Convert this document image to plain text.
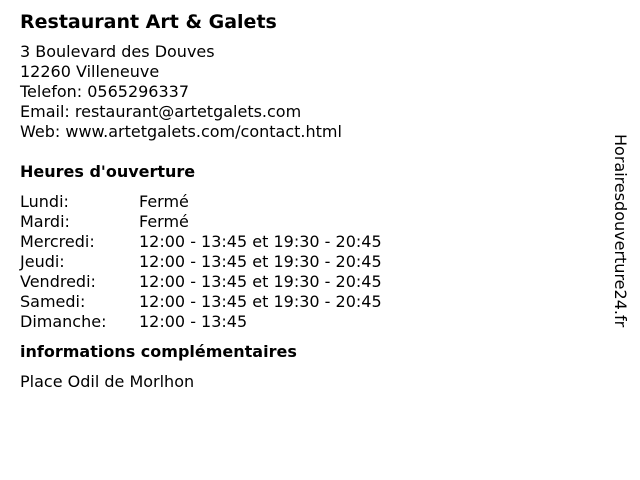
Restaurant Art & Galets
3 Boulevard des Douves
12260 Villeneuve
Telefon: 0565296337
Email: restaurant@artetgalets.com
Web: www.artetgalets.com/contact.html
Heures d'ouverture
Lundi:	Fermé
Mardi:	Fermé
Mercredi:	12:00 - 13:45 et 19:30 - 20:45
Jeudi:	12:00 - 13:45 et 19:30 - 20:45
Vendredi:	12:00 - 13:45 et 19:30 - 20:45
Samedi:	12:00 - 13:45 et 19:30 - 20:45
Dimanche:	12:00 - 13:45
informations complémentaires
Place Odil de Morlhon
Horairesdouverture24.fr
